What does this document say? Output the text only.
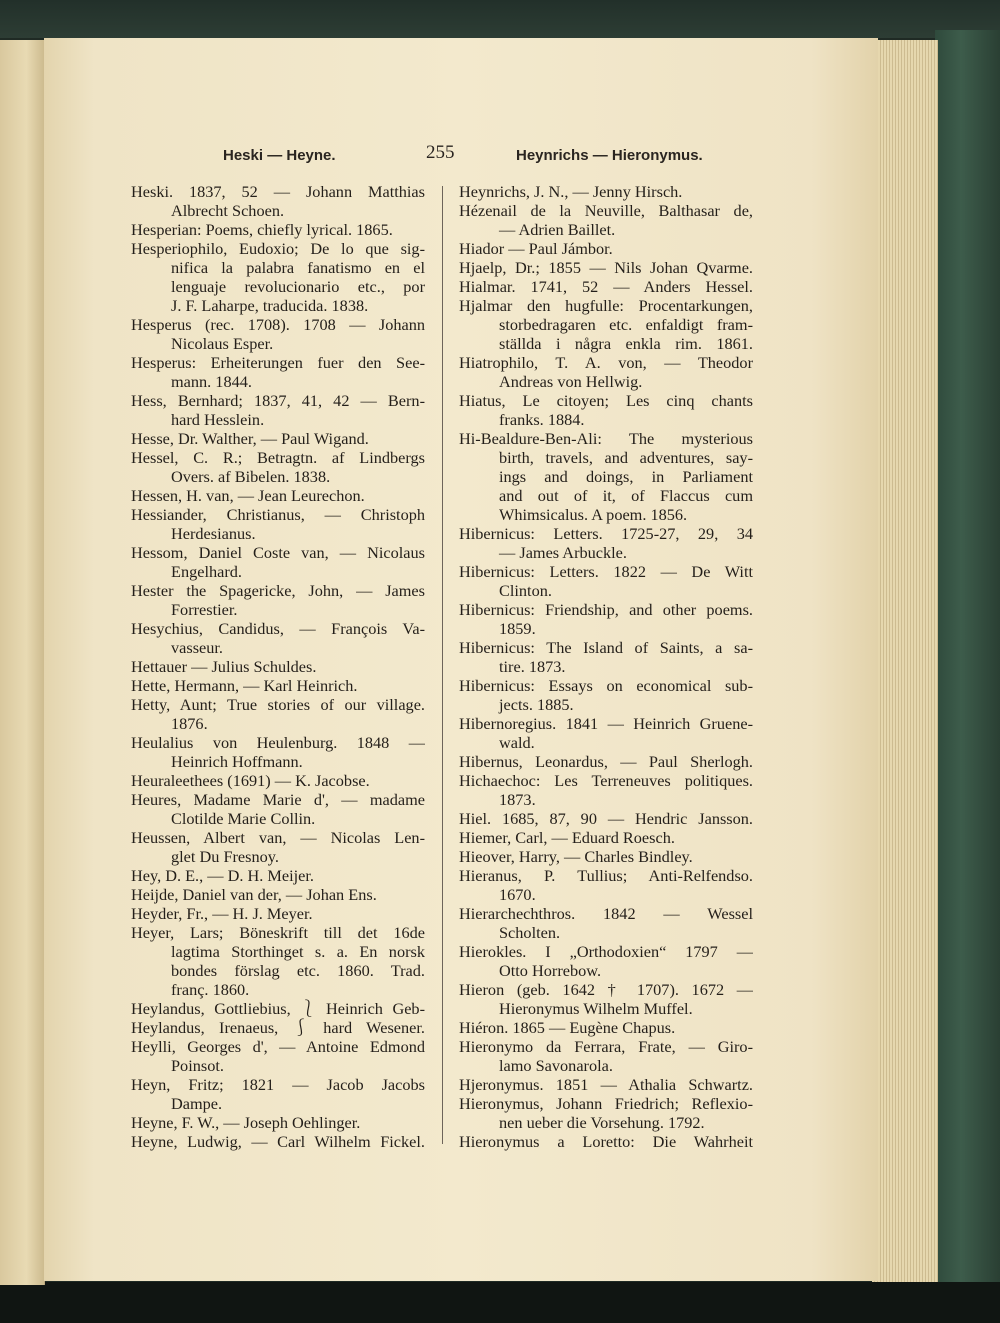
Heski — Heyne.	255	Heynrichs — Hieronymus.
Heski. 1837, 52 — Johann Matthias
Albrecht Schoen.
Hesperian: Poems, chiefly lyrical. 1865.
Hesperiophilo, Eudoxio; De lo que sig-
nifica la palabra fanatismo en el
lenguaje revolucionario etc., por
J. F. Laharpe, traducida. 1838.
Hesperus (rec. 1708). 1708 — Johann
Nicolaus Esper.
Hesperus: Erheiterungen fuer den See-
mann. 1844.
Hess, Bernhard; 1837, 41, 42 — Bern-
hard Hesslein.
Hesse, Dr. Walther, — Paul Wigand.
Hessel, C. R.; Betragtn. af Lindbergs
Overs. af Bibelen. 1838.
Hessen, H. van, — Jean Leurechon.
Hessiander, Christianus, — Christoph
Herdesianus.
Hessom, Daniel Coste van, — Nicolaus
Engelhard.
Hester the Spagericke, John, — James
Forrestier.
Hesychius, Candidus, — François Va-
vasseur.
Hettauer — Julius Schuldes.
Hette, Hermann, — Karl Heinrich.
Hetty, Aunt; True stories of our village.
1876.
Heulalius von Heulenburg. 1848 —
Heinrich Hoffmann.
Heuraleethees (1691) — K. Jacobse.
Heures, Madame Marie d', — madame
Clotilde Marie Collin.
Heussen, Albert van, — Nicolas Len-
glet Du Fresnoy.
Hey, D. E., — D. H. Meijer.
Heijde, Daniel van der, — Johan Ens.
Heyder, Fr., — H. J. Meyer.
Heyer, Lars; Böneskrift till det 16de
lagtima Storthinget s. a. En norsk
bondes förslag etc. 1860. Trad.
franç. 1860.
Heylandus, Gottliebius, ⎱ Heinrich Geb-
Heylandus, Irenaeus, ⎰ hard Wesener.
Heylli, Georges d', — Antoine Edmond
Poinsot.
Heyn, Fritz; 1821 — Jacob Jacobs
Dampe.
Heyne, F. W., — Joseph Oehlinger.
Heyne, Ludwig, — Carl Wilhelm Fickel.
Heynrichs, J. N., — Jenny Hirsch.
Hézenail de la Neuville, Balthasar de,
— Adrien Baillet.
Hiador — Paul Jámbor.
Hjaelp, Dr.; 1855 — Nils Johan Qvarme.
Hialmar. 1741, 52 — Anders Hessel.
Hjalmar den hugfulle: Procentarkungen,
storbedragaren etc. enfaldigt fram-
ställda i några enkla rim. 1861.
Hiatrophilo, T. A. von, — Theodor
Andreas von Hellwig.
Hiatus, Le citoyen; Les cinq chants
franks. 1884.
Hi-Bealdure-Ben-Ali: The mysterious
birth, travels, and adventures, say-
ings and doings, in Parliament
and out of it, of Flaccus cum
Whimsicalus. A poem. 1856.
Hibernicus: Letters. 1725-27, 29, 34
— James Arbuckle.
Hibernicus: Letters. 1822 — De Witt
Clinton.
Hibernicus: Friendship, and other poems.
1859.
Hibernicus: The Island of Saints, a sa-
tire. 1873.
Hibernicus: Essays on economical sub-
jects. 1885.
Hibernoregius. 1841 — Heinrich Gruene-
wald.
Hibernus, Leonardus, — Paul Sherlogh.
Hichaechoc: Les Terreneuves politiques.
1873.
Hiel. 1685, 87, 90 — Hendric Jansson.
Hiemer, Carl, — Eduard Roesch.
Hieover, Harry, — Charles Bindley.
Hieranus, P. Tullius; Anti-Relfendso.
1670.
Hierarchechthros. 1842 — Wessel
Scholten.
Hierokles. I „Orthodoxien“ 1797 —
Otto Horrebow.
Hieron (geb. 1642 † 1707). 1672 —
Hieronymus Wilhelm Muffel.
Hiéron. 1865 — Eugène Chapus.
Hieronymo da Ferrara, Frate, — Giro-
lamo Savonarola.
Hjeronymus. 1851 — Athalia Schwartz.
Hieronymus, Johann Friedrich; Reflexio-
nen ueber die Vorsehung. 1792.
Hieronymus a Loretto: Die Wahrheit
